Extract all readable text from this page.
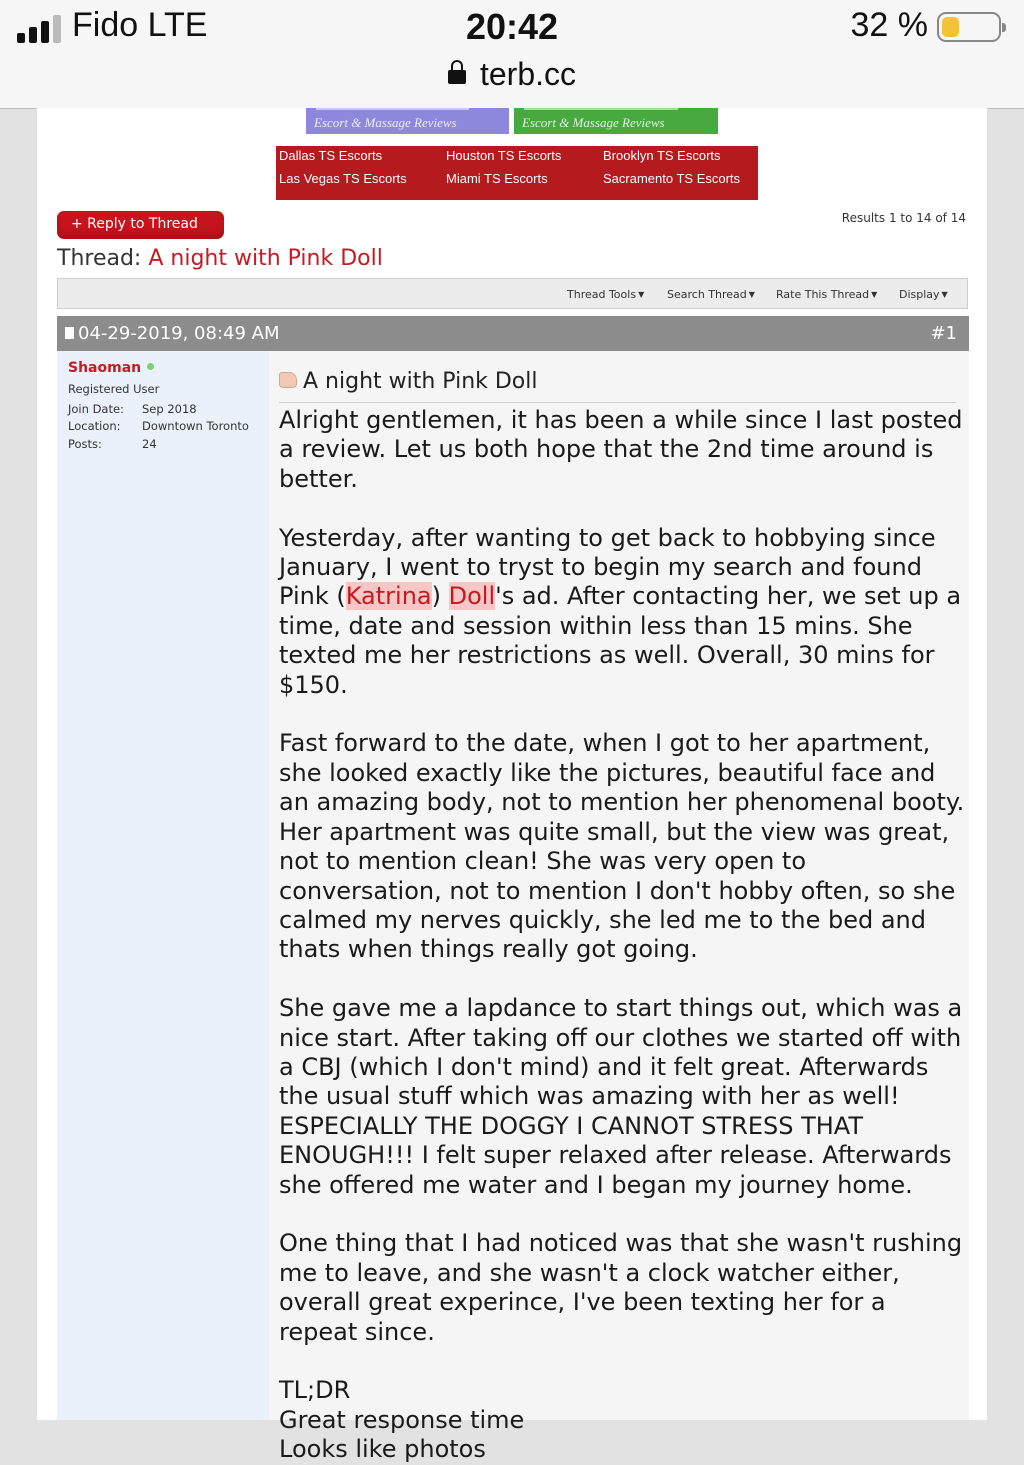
Fido LTE	20:42	32 %
terb.cc
Escort & Massage Reviews	Escort & Massage Reviews
Dallas TS Escorts	Houston TS Escorts	Brooklyn TS Escorts
Las Vegas TS Escorts	Miami TS Escorts	Sacramento TS Escorts
+ Reply to Thread	Results 1 to 14 of 14
Thread: A night with Pink Doll
Thread Tools ▼ Search Thread ▼ Rate This Thread ▼ Display ▼
04-29-2019, 08:49 AM	#1
Shaoman
Registered User
Join Date: Sep 2018
Location: Downtown Toronto
Posts:	24
A night with Pink Doll
Alright gentlemen, it has been a while since I last posted a review. Let us both hope that the 2nd time around is better.

Yesterday, after wanting to get back to hobbying since January, I went to tryst to begin my search and found Pink (Katrina) Doll's ad. After contacting her, we set up a time, date and session within less than 15 mins. She texted me her restrictions as well. Overall, 30 mins for $150.

Fast forward to the date, when I got to her apartment, she looked exactly like the pictures, beautiful face and an amazing body, not to mention her phenomenal booty. Her apartment was quite small, but the view was great, not to mention clean! She was very open to conversation, not to mention I don't hobby often, so she calmed my nerves quickly, she led me to the bed and thats when things really got going.

She gave me a lapdance to start things out, which was a nice start. After taking off our clothes we started off with a CBJ (which I don't mind) and it felt great. Afterwards the usual stuff which was amazing with her as well! ESPECIALLY THE DOGGY I CANNOT STRESS THAT ENOUGH!!! I felt super relaxed after release. Afterwards she offered me water and I began my journey home.

One thing that I had noticed was that she wasn't rushing me to leave, and she wasn't a clock watcher either, overall great experince, I've been texting her for a repeat since.

TL;DR
Great response time
Looks like photos
